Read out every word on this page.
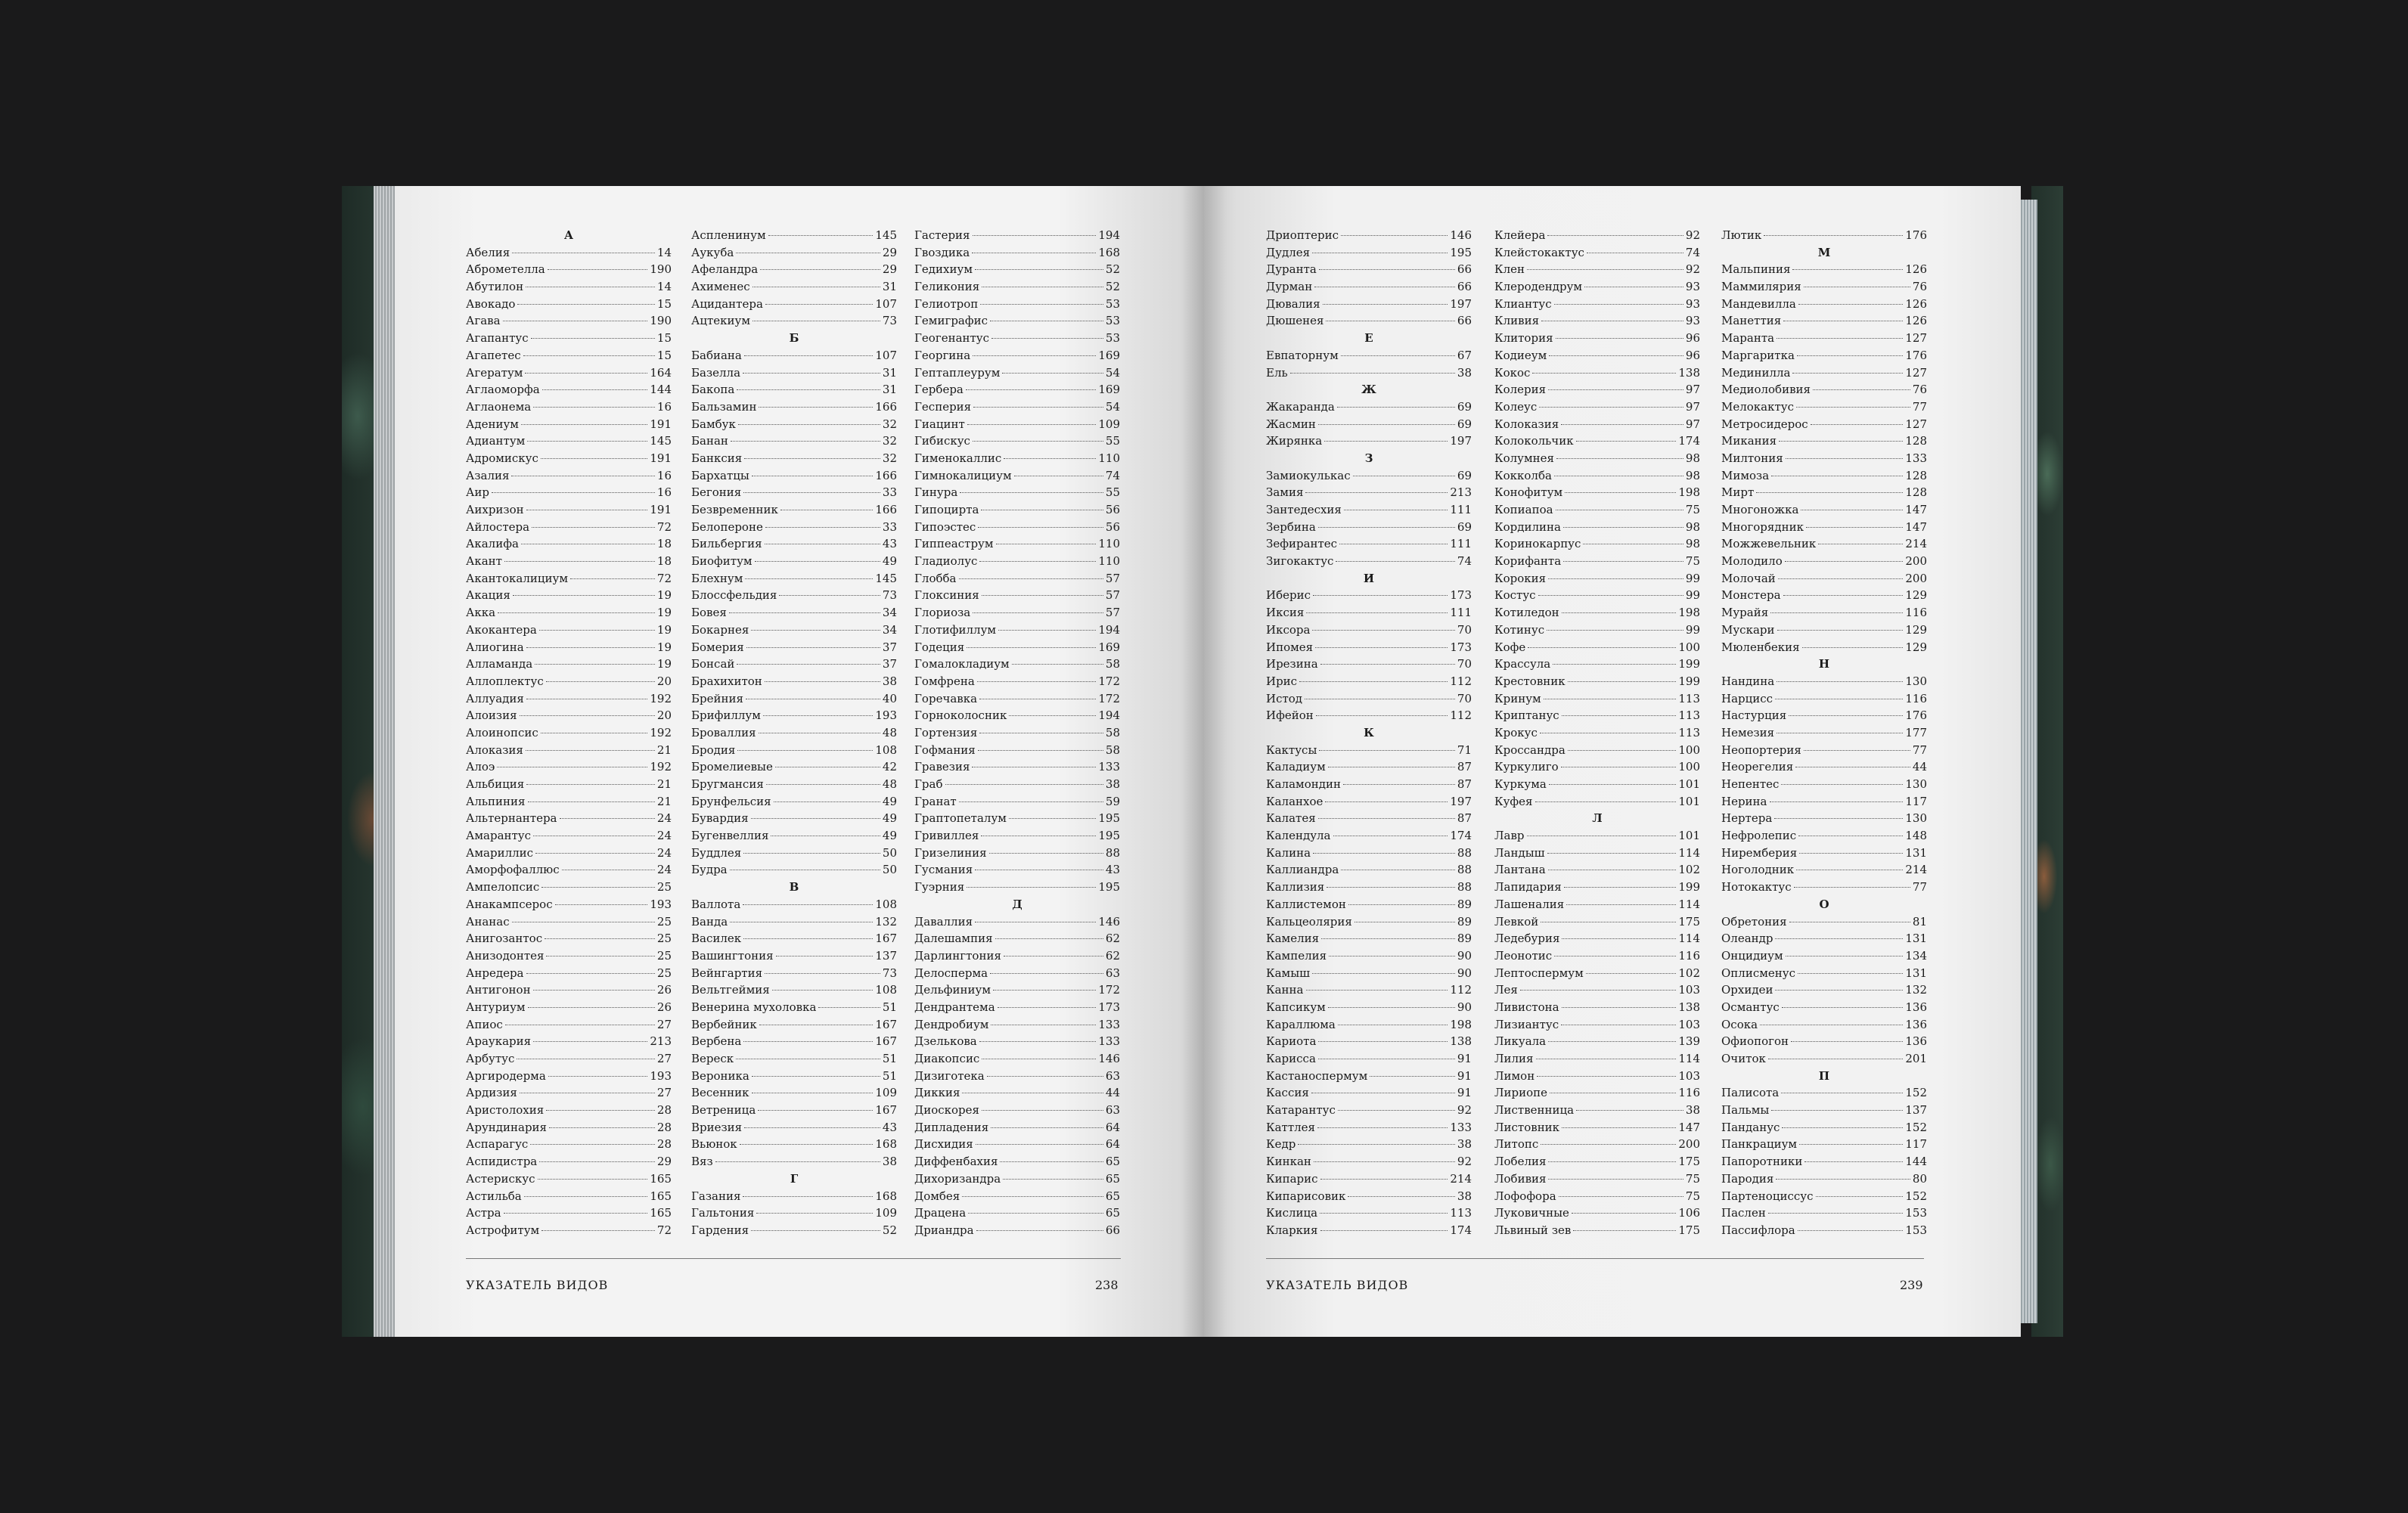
А
Абелия	14
Аброметелла	190
Абутилон	14
Авокадо	15
Агава	190
Агапантус	15
Агапетес	15
Агератум	164
Аглаоморфа	144
Аглаонема	16
Адениум	191
Адиантум	145
Адромискус	191
Азалия	16
Аир	16
Аихризон	191
Айлостера	72
Акалифа	18
Акант	18
Акантокалициум	72
Акация	19
Акка	19
Акокантера	19
Алиогина	19
Алламанда	19
Аллоплектус	20
Аллуадия	192
Алоизия	20
Алоинопсис	192
Алоказия	21
Алоэ	192
Альбиция	21
Альпиния	21
Альтернантера	24
Амарантус	24
Амариллис	24
Аморфофаллюс	24
Ампелопсис	25
Анакампсерос	193
Ананас	25
Анигозантос	25
Анизодонтея	25
Анредера	25
Антигонон	26
Антуриум	26
Апиос	27
Араукария	213
Арбутус	27
Аргиродерма	193
Ардизия	27
Аристолохия	28
Арундинария	28
Аспарагус	28
Аспидистра	29
Астерискус	165
Астильба	165
Астра	165
Астрофитум	72
Аспленинум	145
Аукуба	29
Афеландра	29
Ахименес	31
Ацидантера	107
Ацтекиум	73
Б
Бабиана	107
Базелла	31
Бакопа	31
Бальзамин	166
Бамбук	32
Банан	32
Банксия	32
Бархатцы	166
Бегония	33
Безвременник	166
Белопероне	33
Бильбергия	43
Биофитум	49
Блехнум	145
Блоссфельдия	73
Бовея	34
Бокарнея	34
Бомерия	37
Бонсай	37
Брахихитон	38
Брейния	40
Брифиллум	193
Броваллия	48
Бродия	108
Бромелиевые	42
Бругмансия	48
Брунфельсия	49
Бувардия	49
Бугенвеллия	49
Буддлея	50
Будра	50
В
Валлота	108
Ванда	132
Василек	167
Вашингтония	137
Вейнгартия	73
Вельтгеймия	108
Венерина мухоловка	51
Вербейник	167
Вербена	167
Вереск	51
Вероника	51
Весенник	109
Ветреница	167
Вриезия	43
Вьюнок	168
Вяз	38
Г
Газания	168
Гальтония	109
Гардения	52
Гастерия	194
Гвоздика	168
Гедихиум	52
Геликония	52
Гелиотроп	53
Гемиграфис	53
Геогенантус	53
Георгина	169
Гептаплеурум	54
Гербера	169
Гесперия	54
Гиацинт	109
Гибискус	55
Гименокаллис	110
Гимнокалициум	74
Гинура	55
Гипоцирта	56
Гипоэстес	56
Гиппеаструм	110
Гладиолус	110
Глобба	57
Глоксиния	57
Глориоза	57
Глотифиллум	194
Годеция	169
Гомалокладиум	58
Гомфрена	172
Горечавка	172
Горноколосник	194
Гортензия	58
Гофмания	58
Гравезия	133
Граб	38
Гранат	59
Граптопеталум	195
Гривиллея	195
Гризелиния	88
Гусмания	43
Гуэрния	195
Д
Даваллия	146
Далешампия	62
Дарлингтония	62
Делосперма	63
Дельфиниум	172
Дендрантема	173
Дендробиум	133
Дзелькова	133
Диакопсис	146
Дизиготека	63
Диккия	44
Диоскорея	63
Дипладения	64
Дисхидия	64
Диффенбахия	65
Дихоризандра	65
Домбея	65
Драцена	65
Дриандра	66
УКАЗАТЕЛЬ ВИДОВ	238
Дриоптерис	146
Дудлея	195
Дуранта	66
Дурман	66
Дювалия	197
Дюшенея	66
Е
Евпаторнум	67
Ель	38
Ж
Жакаранда	69
Жасмин	69
Жирянка	197
З
Замиокулькас	69
Замия	213
Зантедесхия	111
Зербина	69
Зефирантес	111
Зигокактус	74
И
Иберис	173
Иксия	111
Иксора	70
Ипомея	173
Ирезина	70
Ирис	112
Истод	70
Ифейон	112
К
Кактусы	71
Каладиум	87
Каламондин	87
Каланхое	197
Калатея	87
Календула	174
Калина	88
Каллиандра	88
Каллизия	88
Каллистемон	89
Кальцеолярия	89
Камелия	89
Кампелия	90
Камыш	90
Канна	112
Капсикум	90
Караллюма	198
Кариота	138
Карисса	91
Кастаноспермум	91
Кассия	91
Катарантус	92
Каттлея	133
Кедр	38
Кинкан	92
Кипарис	214
Кипарисовик	38
Кислица	113
Кларкия	174
Клейера	92
Клейстокактус	74
Клен	92
Клеродендрум	93
Клиантус	93
Кливия	93
Клитория	96
Кодиеум	96
Кокос	138
Колерия	97
Колеус	97
Колоказия	97
Колокольчик	174
Колумнея	98
Кокколба	98
Конофитум	198
Копиапоа	75
Кордилина	98
Коринокарпус	98
Корифанта	75
Корокия	99
Костус	99
Котиледон	198
Котинус	99
Кофе	100
Крассула	199
Крестовник	199
Кринум	113
Криптанус	113
Крокус	113
Кроссандра	100
Куркулиго	100
Куркума	101
Куфея	101
Л
Лавр	101
Ландыш	114
Лантана	102
Лапидария	199
Лашеналия	114
Левкой	175
Ледебурия	114
Леонотис	116
Лептоспермум	102
Лея	103
Ливистона	138
Лизиантус	103
Ликуала	139
Лилия	114
Лимон	103
Лириопе	116
Лиственница	38
Листовник	147
Литопс	200
Лобелия	175
Лобивия	75
Лофофора	75
Луковичные	106
Львиный зев	175
Лютик	176
М
Мальпиния	126
Маммилярия	76
Мандевилла	126
Манеттия	126
Маранта	127
Маргаритка	176
Мединилла	127
Медиолобивия	76
Мелокактус	77
Метросидерос	127
Микания	128
Милтония	133
Мимоза	128
Мирт	128
Многоножка	147
Многорядник	147
Можжевельник	214
Молодило	200
Молочай	200
Монстера	129
Мурайя	116
Мускари	129
Мюленбекия	129
Н
Нандина	130
Нарцисс	116
Настурция	176
Немезия	177
Неопортерия	77
Неорегелия	44
Непентес	130
Нерина	117
Нертера	130
Нефролепис	148
Ниремберия	131
Ноголодник	214
Нотокактус	77
О
Обретония	81
Олеандр	131
Онцидиум	134
Оплисменус	131
Орхидеи	132
Османтус	136
Осока	136
Офиопогон	136
Очиток	201
П
Палисота	152
Пальмы	137
Панданус	152
Панкрациум	117
Папоротники	144
Пародия	80
Партеноциссус	152
Паслен	153
Пассифлора	153
УКАЗАТЕЛЬ ВИДОВ	239
